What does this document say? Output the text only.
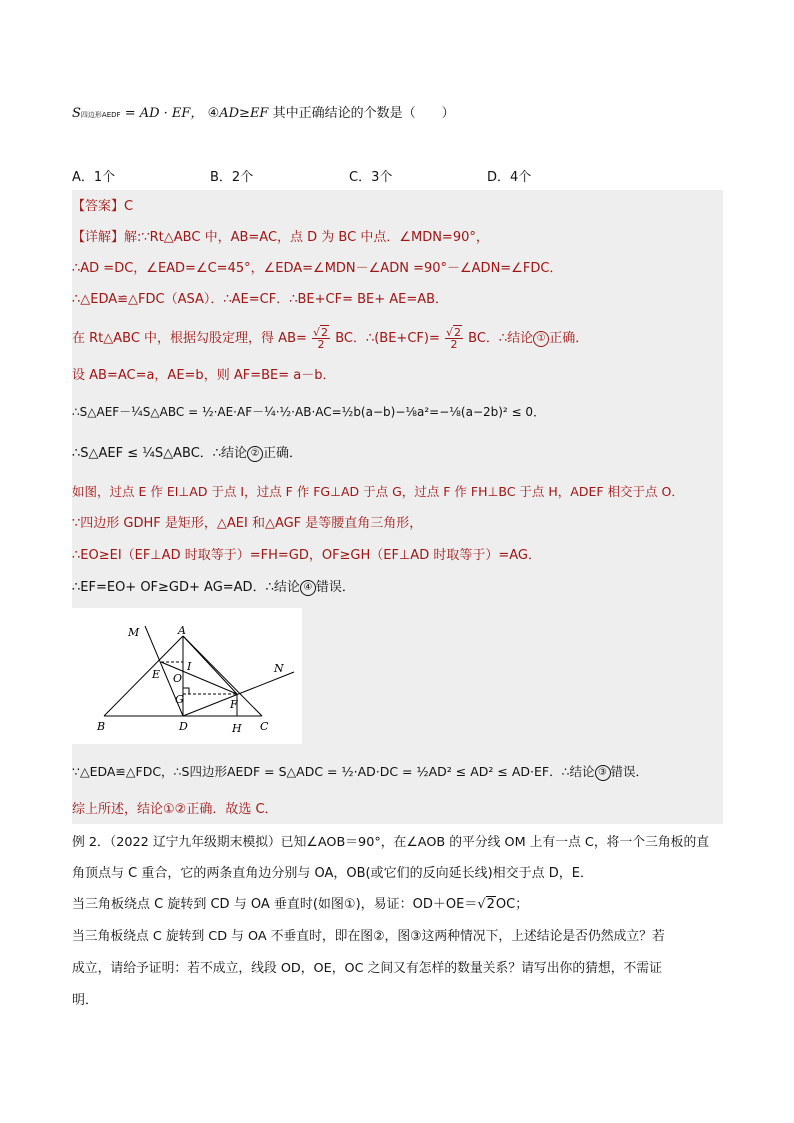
S四边形AEDF = AD · EF， ④AD≥EF 其中正确结论的个数是（　　）
A．1个	B．2个	C．3个	D．4个
【答案】C
【详解】解:∵Rt△ABC 中，AB=AC，点 D 为 BC 中点．∠MDN=90°，
∴AD =DC，∠EAD=∠C=45°，∠EDA=∠MDN－∠ADN =90°－∠ADN=∠FDC．
∴△EDA≌△FDC（ASA）．∴AE=CF．∴BE+CF= BE+ AE=AB．
在 Rt△ABC 中，根据勾股定理，得 $AB= \frac{√2}{2}$ BC．∴(BE+CF)= $\frac{√2}{2}$ BC．∴结论 ① 正确．
设 AB=AC=a，AE=b，则 AF=BE= a－b．
∴S△AEF－¼S△ABC = ½·AE·AF－¼·½·AB·AC=½b(a−b)−⅛a²=−⅛(a−2b)² ≤ 0．
∴S△AEF ≤ ¼S△ABC．∴结论 ② 正确．
如图，过点 E 作 EI⊥AD 于点 I，过点 F 作 FG⊥AD 于点 G，过点 F 作 FH⊥BC 于点 H，ADEF 相交于点 O．
∵四边形 GDHF 是矩形，△AEI 和△AGF 是等腰直角三角形，
∴EO≥EI（EF⊥AD 时取等于）=FH=GD，OF≥GH（EF⊥AD 时取等于）=AG．
∴EF=EO+ OF≥GD+ AG=AD．∴结论 ④ 错误．
M	A
I	N
E O
G	F
B	D	H C
∵△EDA≌△FDC，∴S四边形AEDF = S△ADC = ½·AD·DC = ½AD² ≤ AD² ≤ AD·EF．∴结论 ③ 错误．
综上所述，结论①②正确．故选 C．
例 2．（2022 辽宁九年级期末模拟）已知∠AOB＝90°，在∠AOB 的平分线 OM 上有一点 C，将一个三角板的直
角顶点与 C 重合，它的两条直角边分别与 OA，OB(或它们的反向延长线)相交于点 D，E．
当三角板绕点 C 旋转到 CD 与 OA 垂直时(如图①)，易证：OD＋OE＝√2OC；
当三角板绕点 C 旋转到 CD 与 OA 不垂直时，即在图②，图③这两种情况下，上述结论是否仍然成立？若
成立，请给予证明：若不成立，线段 OD，OE，OC 之间又有怎样的数量关系？请写出你的猜想，不需证
明．
